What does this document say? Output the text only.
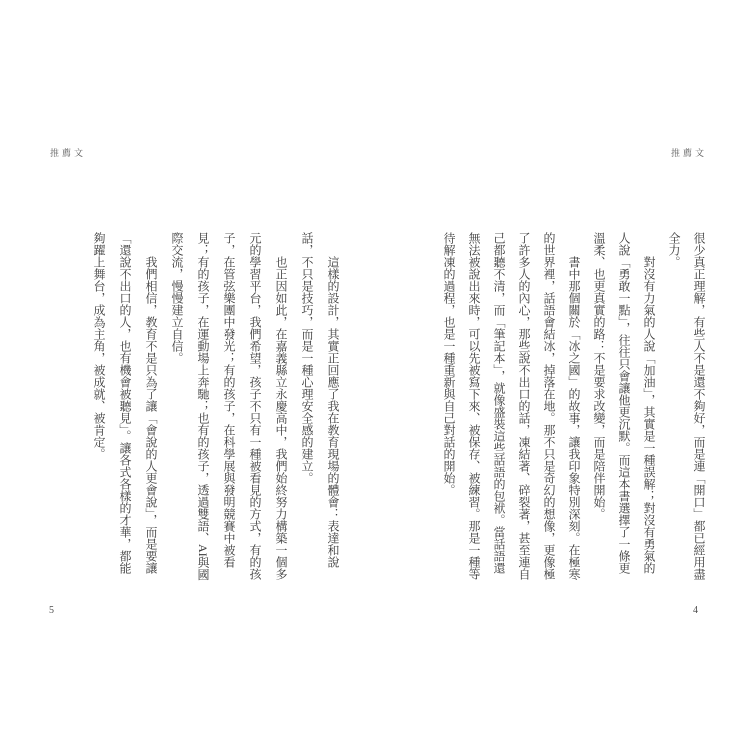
推薦文

很少真正理解，有些人不是還不夠好，而是連「開口」都已經用盡全力。

對沒有力氣的人說「加油」，其實是一種誤解；對沒有勇氣的人說「勇敢一點」，往往只會讓他更沉默。而這本書選擇了一條更溫柔、也更真實的路：不是要求改變，而是陪伴開始。

書中那個關於「冰之國」的故事，讓我印象特別深刻。在極寒的世界裡，話語會結冰，掉落在地。那不只是奇幻的想像，更像極了許多人的內心，那些說不出口的話，凍結著、碎裂著，甚至連自己都聽不清，而「筆記本」，就像盛裝這些話語的包袱。當話語還無法被說出來時，可以先被寫下來、被保存、被練習。那是一種等待解凍的過程，也是一種重新與自己對話的開始。

4
推薦文

這樣的設計，其實正回應了我在教育現場的體會：表達和說話，不只是技巧，而是一種心理安全感的建立。

也正因如此，在嘉義縣立永慶高中，我們始終努力構築一個多元的學習平台，我們希望，孩子不只有一種被看見的方式，有的孩子，在管弦樂團中發光；有的孩子，在科學展與發明競賽中被看見；有的孩子，在運動場上奔馳；也有的孩子，透過雙語、AI與國際交流，慢慢建立自信。

我們相信，教育不是只為了讓「會說的人更會說」，而是要讓「還說不出口的人，也有機會被聽見」。讓各式各樣的才華，都能夠躍上舞台，成為主角，被成就、被肯定。

5
